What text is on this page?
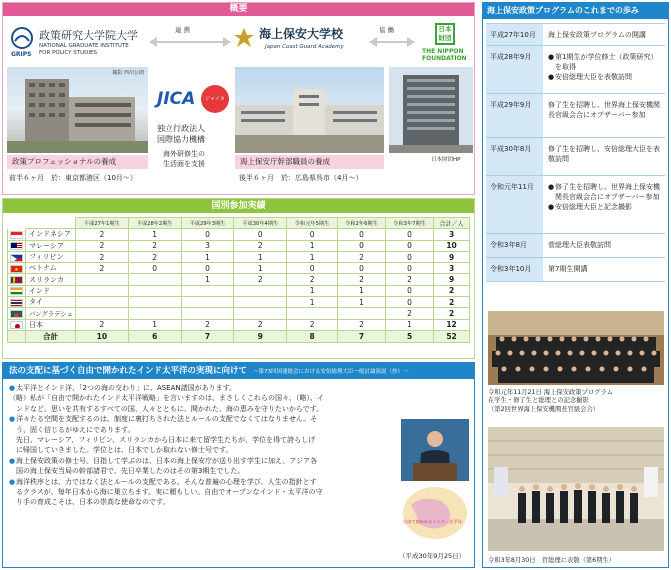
概要
GRIPS
政策研究大学院大学
NATIONAL GRADUATE INSTITUTE
FOR POLICY STUDIES
連 携	海上保安大学校
Japan Coast Guard Academy
協 働	日本
財団
THE NIPPON
FOUNDATION
撮影 西川公朗
政策プロフェッショナルの養成
前半６ヶ月　於：東京都港区（10月〜）
JICA	ジャイカ
独立行政法人
国際協力機構
海外研修生の
生活面を支援	海上保安庁幹部職員の養成
後半６ヶ月　於：広島県呉市（4月〜）
日本財団HP
国別参加実績
		平成27年1期生	平成28年2期生	平成29年3期生	平成30年4期生	令和元年5期生	令和2年6期生	令和3年7期生	合計／人
	インドネシア	2	1	0	0	0	0	0	3

	マレーシア	2	2	3	2	1	0	0	10

	フィリピン	2	2	1	1	1	2	0	9
★	ベトナム	2	0	0	1	0	0	0	3
	スリランカ			1	2	2	2	2	9
	インド					1	1	0	2
	タイ					1	1	0	2

	バングラデシュ							2	2

	日本	2	1	2	2	2	2	1	12
	合計	10	6	7	9	8	7	5	52
法の支配に基づく自由で開かれたインド太平洋の実現に向けて 〜第73回国連総会における安倍総理大臣一般討論演説（抄）〜
● 太平洋とインド洋、「2つの海の交わり」に、ASEAN諸国があります。
（略）私が「自由で開かれたインド太平洋戦略」を言いますのは、まさしくこれらの国々、（略）、イ
ンドなど、思いを共有するすべての国、人々とともに、開かれた、海の恵みを守りたいからです。
● 洋々たる空間を支配するのは、制度に裏打ちされた法とルールの支配でなくてはなりません。そ
う、固く信じるがゆえにであります。
先日、マレーシア、フィリピン、スリランカから日本に来て留学生たちが、学位を得て誇らしげ
に帰国していきました。学位とは、日本でしか取れない修士号です。
● 海上保安政策の修士号。目指して学ぶのは、日本の海上保安庁が送り出す学生に加え、アジア各
国の海上保安当局の幹部諸君で、先日卒業したのはその第3期生でした。
● 海洋秩序とは、力ではなく法とルールの支配である。そんな普遍の心理を学び、人生の指針とす
るクラスが、毎年日本から海に巣立ちます。実に頼もしい。自由でオープンなインド・太平洋の守
り手の育成こそは、日本の崇高な使命なのです。
自由で開かれたインド・太平洋
（平成30年9月25日）
海上保安政策プログラムのこれまでの歩み
平成27年10月	海上保安政策プログラムの開講
平成28年9月	● 第1期生が学位修士（政策研究）を取得
● 安倍総理大臣を表敬訪問
平成29年9月	修了生を招聘し、世界海上保安機関長官級会合にオブザーバー参加
平成30年8月	修了生を招聘し、安倍総理大臣を表敬訪問
令和元年11月	● 修了生を招聘し、世界海上保安機関長官級会合にオブザーバー参加
● 安倍総理大臣と記念撮影
令和3年8月	菅総理大臣表敬訪問
令和3年10月	第7期生開講
令和元年11月21日 海上保安政策プログラム
在学生・修了生と総理との記念撮影
（第2回世界海上保安機関長官級会合）
令和3年8月30日　菅総理に表敬（第6期生）
